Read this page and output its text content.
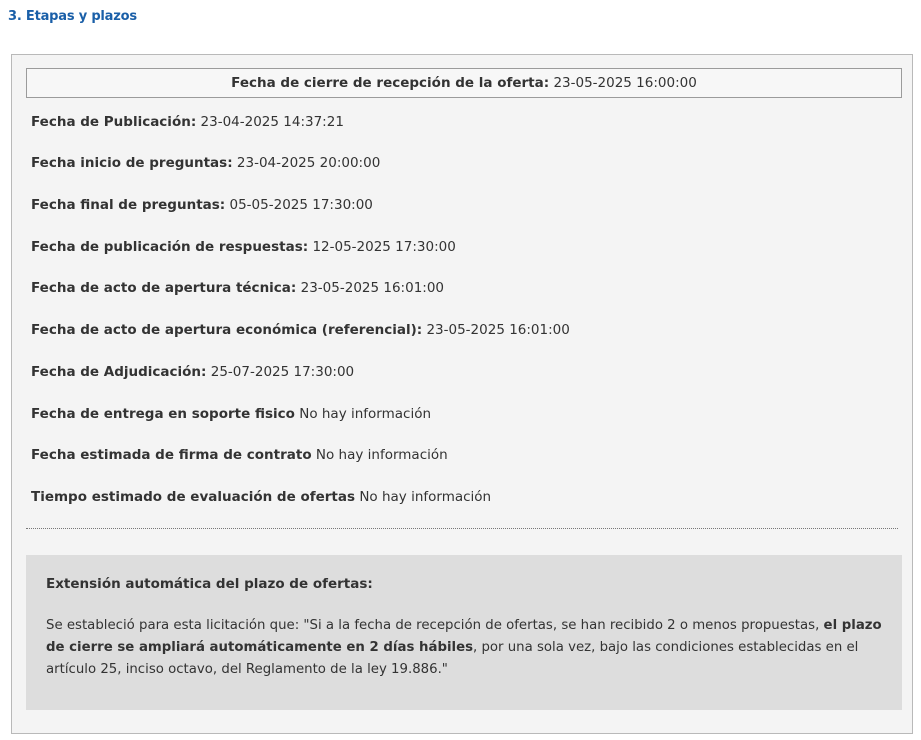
3. Etapas y plazos
Fecha de cierre de recepción de la oferta: 23-05-2025 16:00:00
Fecha de Publicación: 23-04-2025 14:37:21
Fecha inicio de preguntas: 23-04-2025 20:00:00
Fecha final de preguntas: 05-05-2025 17:30:00
Fecha de publicación de respuestas: 12-05-2025 17:30:00
Fecha de acto de apertura técnica: 23-05-2025 16:01:00
Fecha de acto de apertura económica (referencial): 23-05-2025 16:01:00
Fecha de Adjudicación: 25-07-2025 17:30:00
Fecha de entrega en soporte fisico No hay información
Fecha estimada de firma de contrato No hay información
Tiempo estimado de evaluación de ofertas No hay información

Extensión automática del plazo de ofertas:

Se estableció para esta licitación que: "Si a la fecha de recepción de ofertas, se han recibido 2 o menos propuestas, el plazo de cierre se ampliará automáticamente en 2 días hábiles, por una sola vez, bajo las condiciones establecidas en el artículo 25, inciso octavo, del Reglamento de la ley 19.886."
